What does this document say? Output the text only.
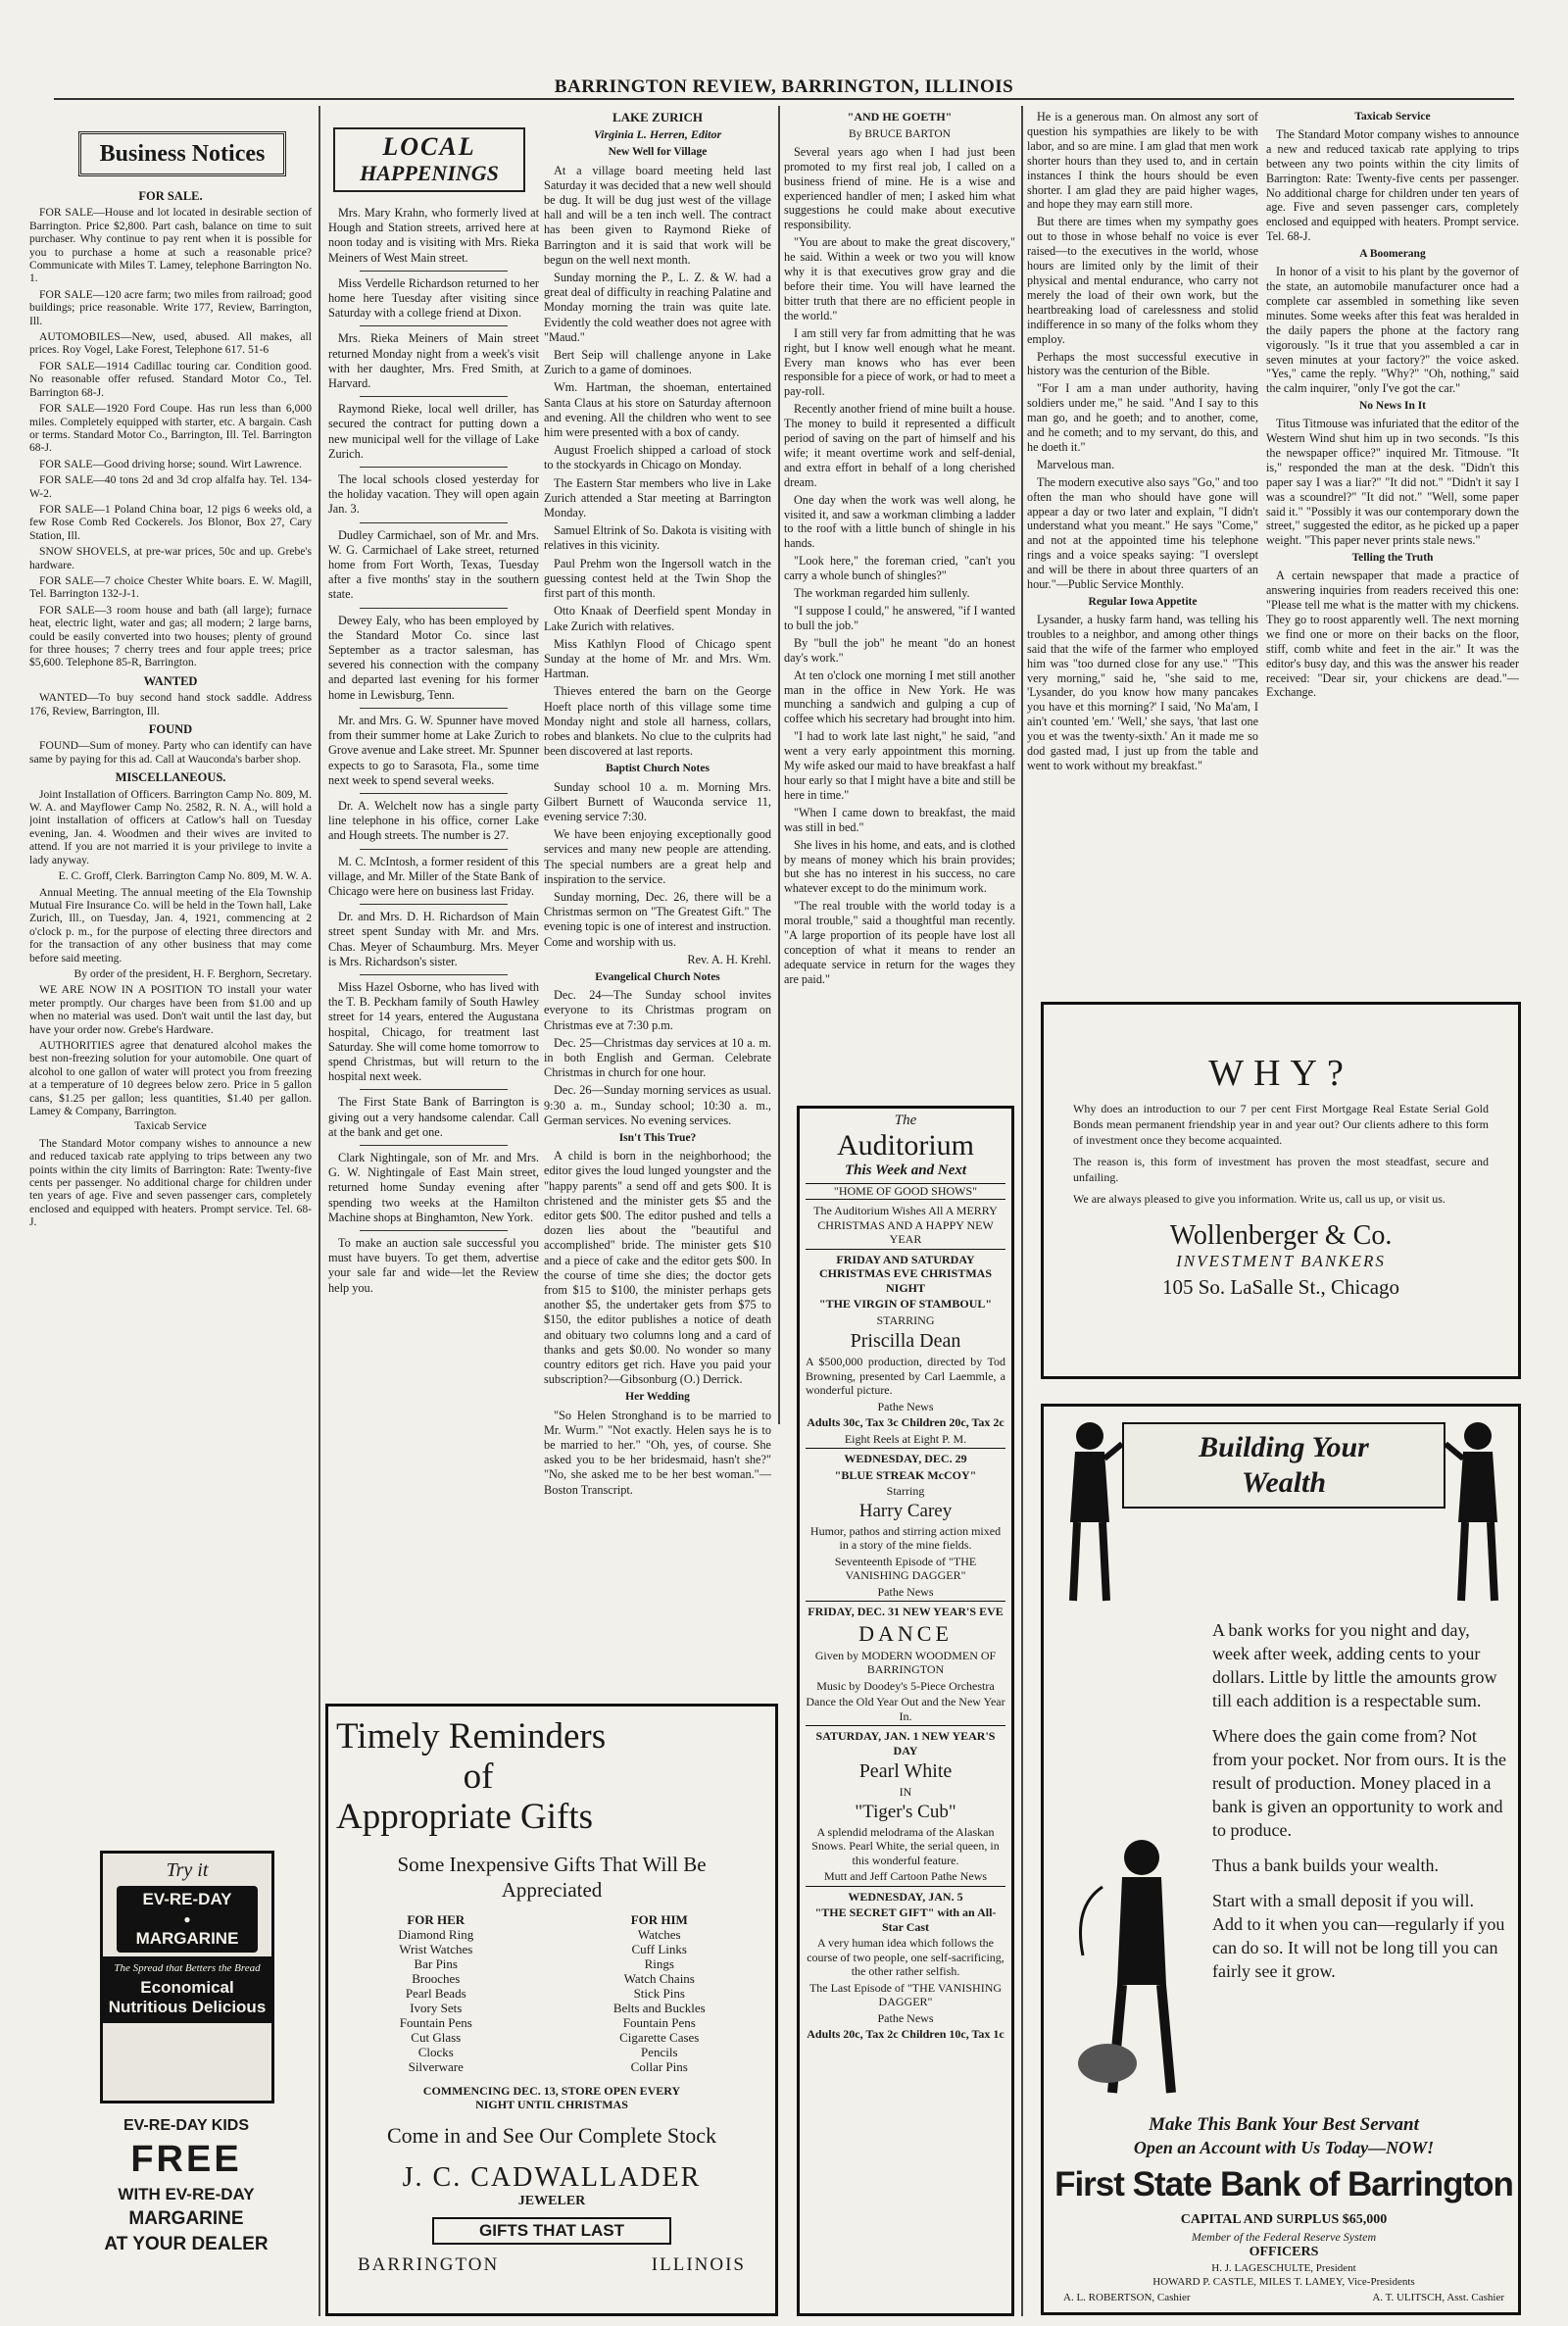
BARRINGTON REVIEW, BARRINGTON, ILLINOIS
Business Notices
FOR SALE.

FOR SALE—House and lot located in desirable section of Barrington. Price $2,800. Part cash, balance on time to suit purchaser. Why continue to pay rent when it is possible for you to purchase a home at such a reasonable price? Communicate with Miles T. Lamey, telephone Barrington No. 1.

FOR SALE—120 acre farm; two miles from railroad; good buildings; price reasonable. Write 177, Review, Barrington, Ill.

AUTOMOBILES—New, used, abused. All makes, all prices. Roy Vogel, Lake Forest, Telephone 617. 51-6

FOR SALE—1914 Cadillac touring car. Condition good. No reasonable offer refused. Standard Motor Co., Tel. Barrington 68-J.

FOR SALE—1920 Ford Coupe. Has run less than 6,000 miles. Completely equipped with starter, etc. A bargain. Cash or terms. Standard Motor Co., Barrington, Ill. Tel. Barrington 68-J.

FOR SALE—Good driving horse; sound. Wirt Lawrence.

FOR SALE—40 tons 2d and 3d crop alfalfa hay. Tel. 134-W-2.

FOR SALE—1 Poland China boar, 12 pigs 6 weeks old, a few Rose Comb Red Cockerels. Jos Blonor, Box 27, Cary Station, Ill.

SNOW SHOVELS, at pre-war prices, 50c and up. Grebe's hardware.

FOR SALE—7 choice Chester White boars. E. W. Magill, Tel. Barrington 132-J-1.

FOR SALE—3 room house and bath (all large); furnace heat, electric light, water and gas; all modern; 2 large barns, could be easily converted into two houses; plenty of ground for three houses; 7 cherry trees and four apple trees; price $5,600. Telephone 85-R, Barrington.

WANTED

WANTED—To buy second hand stock saddle. Address 176, Review, Barrington, Ill.

FOUND

FOUND—Sum of money. Party who can identify can have same by paying for this ad. Call at Wauconda's barber shop.

MISCELLANEOUS.

Joint Installation of Officers. Barrington Camp No. 809, M. W. A. and Mayflower Camp No. 2582, R. N. A., will hold a joint installation of officers at Catlow's hall on Tuesday evening, Jan. 4. Woodmen and their wives are invited to attend. If you are not married it is your privilege to invite a lady anyway.

E. C. Groff, Clerk. Barrington Camp No. 809, M. W. A.

Annual Meeting. The annual meeting of the Ela Township Mutual Fire Insurance Co. will be held in the Town hall, Lake Zurich, Ill., on Tuesday, Jan. 4, 1921, commencing at 2 o'clock p. m., for the purpose of electing three directors and for the transaction of any other business that may come before said meeting.

By order of the president, H. F. Berghorn, Secretary.

WE ARE NOW IN A POSITION TO install your water meter promptly. Our charges have been from $1.00 and up when no material was used. Don't wait until the last day, but have your order now. Grebe's Hardware.

AUTHORITIES agree that denatured alcohol makes the best non-freezing solution for your automobile. One quart of alcohol to one gallon of water will protect you from freezing at a temperature of 10 degrees below zero. Price in 5 gallon cans, $1.25 per gallon; less quantities, $1.40 per gallon. Lamey & Company, Barrington.

Taxicab Service

The Standard Motor company wishes to announce a new and reduced taxicab rate applying to trips between any two points within the city limits of Barrington: Rate: Twenty-five cents per passenger. No additional charge for children under ten years of age. Five and seven passenger cars, completely enclosed and equipped with heaters. Prompt service. Tel. 68-J.

Try it
EV-RE-DAY
●
MARGARINE
The Spread that Betters the Bread
Economical Nutritious Delicious
EV-RE-DAY KIDS
FREE
WITH EV-RE-DAY
MARGARINE
AT YOUR DEALER
LOCAL
HAPPENINGS

Mrs. Mary Krahn, who formerly lived at Hough and Station streets, arrived here at noon today and is visiting with Mrs. Rieka Meiners of West Main street.

Miss Verdelle Richardson returned to her home here Tuesday after visiting since Saturday with a college friend at Dixon.

Mrs. Rieka Meiners of Main street returned Monday night from a week's visit with her daughter, Mrs. Fred Smith, at Harvard.

Raymond Rieke, local well driller, has secured the contract for putting down a new municipal well for the village of Lake Zurich.

The local schools closed yesterday for the holiday vacation. They will open again Jan. 3.

Dudley Carmichael, son of Mr. and Mrs. W. G. Carmichael of Lake street, returned home from Fort Worth, Texas, Tuesday after a five months' stay in the southern state.

Dewey Ealy, who has been employed by the Standard Motor Co. since last September as a tractor salesman, has severed his connection with the company and departed last evening for his former home in Lewisburg, Tenn.

Mr. and Mrs. G. W. Spunner have moved from their summer home at Lake Zurich to Grove avenue and Lake street. Mr. Spunner expects to go to Sarasota, Fla., some time next week to spend several weeks.

Dr. A. Welchelt now has a single party line telephone in his office, corner Lake and Hough streets. The number is 27.

M. C. McIntosh, a former resident of this village, and Mr. Miller of the State Bank of Chicago were here on business last Friday.

Dr. and Mrs. D. H. Richardson of Main street spent Sunday with Mr. and Mrs. Chas. Meyer of Schaumburg. Mrs. Meyer is Mrs. Richardson's sister.

Miss Hazel Osborne, who has lived with the T. B. Peckham family of South Hawley street for 14 years, entered the Augustana hospital, Chicago, for treatment last Saturday. She will come home tomorrow to spend Christmas, but will return to the hospital next week.

The First State Bank of Barrington is giving out a very handsome calendar. Call at the bank and get one.

Clark Nightingale, son of Mr. and Mrs. G. W. Nightingale of East Main street, returned home Sunday evening after spending two weeks at the Hamilton Machine shops at Binghamton, New York.

To make an auction sale successful you must have buyers. To get them, advertise your sale far and wide—let the Review help you.

LAKE ZURICH
Virginia L. Herren, Editor
New Well for Village

At a village board meeting held last Saturday it was decided that a new well should be dug. It will be dug just west of the village hall and will be a ten inch well. The contract has been given to Raymond Rieke of Barrington and it is said that work will be begun on the well next month.

Sunday morning the P., L. Z. & W. had a great deal of difficulty in reaching Palatine and Monday morning the train was quite late. Evidently the cold weather does not agree with "Maud."

Bert Seip will challenge anyone in Lake Zurich to a game of dominoes.

Wm. Hartman, the shoeman, entertained Santa Claus at his store on Saturday afternoon and evening. All the children who went to see him were presented with a box of candy.

August Froelich shipped a carload of stock to the stockyards in Chicago on Monday.

The Eastern Star members who live in Lake Zurich attended a Star meeting at Barrington Monday.

Samuel Eltrink of So. Dakota is visiting with relatives in this vicinity.

Paul Prehm won the Ingersoll watch in the guessing contest held at the Twin Shop the first part of this month.

Otto Knaak of Deerfield spent Monday in Lake Zurich with relatives.

Miss Kathlyn Flood of Chicago spent Sunday at the home of Mr. and Mrs. Wm. Hartman.

Thieves entered the barn on the George Hoeft place north of this village some time Monday night and stole all harness, collars, robes and blankets. No clue to the culprits had been discovered at last reports.

Baptist Church Notes

Sunday school 10 a. m. Morning Mrs. Gilbert Burnett of Wauconda service 11, evening service 7:30.

We have been enjoying exceptionally good services and many new people are attending. The special numbers are a great help and inspiration to the service.

Sunday morning, Dec. 26, there will be a Christmas sermon on "The Greatest Gift." The evening topic is one of interest and instruction. Come and worship with us.

Rev. A. H. Krehl.

Evangelical Church Notes

Dec. 24—The Sunday school invites everyone to its Christmas program on Christmas eve at 7:30 p.m.

Dec. 25—Christmas day services at 10 a. m. in both English and German. Celebrate Christmas in church for one hour.

Dec. 26—Sunday morning services as usual. 9:30 a. m., Sunday school; 10:30 a. m., German services. No evening services.

Isn't This True?

A child is born in the neighborhood; the editor gives the loud lunged youngster and the "happy parents" a send off and gets $00. It is christened and the minister gets $5 and the editor gets $00. The editor pushed and tells a dozen lies about the "beautiful and accomplished" bride. The minister gets $10 and a piece of cake and the editor gets $00. In the course of time she dies; the doctor gets from $15 to $100, the minister perhaps gets another $5, the undertaker gets from $75 to $150, the editor publishes a notice of death and obituary two columns long and a card of thanks and gets $0.00. No wonder so many country editors get rich. Have you paid your subscription?—Gibsonburg (O.) Derrick.

Her Wedding

"So Helen Stronghand is to be married to Mr. Wurm." "Not exactly. Helen says he is to be married to her." "Oh, yes, of course. She asked you to be her bridesmaid, hasn't she?" "No, she asked me to be her best woman."—Boston Transcript.

Timely Reminders
of
Appropriate Gifts
Some Inexpensive Gifts That Will Be Appreciated
FOR HER
Diamond Ring
Wrist Watches
Bar Pins
Brooches
Pearl Beads
Ivory Sets
Fountain Pens
Cut Glass
Clocks
Silverware
FOR HIM
Watches
Cuff Links
Rings
Watch Chains
Stick Pins
Belts and Buckles
Fountain Pens
Cigarette Cases
Pencils
Collar Pins
COMMENCING DEC. 13, STORE OPEN EVERY NIGHT UNTIL CHRISTMAS
Come in and See Our Complete Stock
J. C. CADWALLADER
JEWELER
GIFTS THAT LAST
BARRINGTON	ILLINOIS
"AND HE GOETH"
By BRUCE BARTON

Several years ago when I had just been promoted to my first real job, I called on a business friend of mine. He is a wise and experienced handler of men; I asked him what suggestions he could make about executive responsibility.

"You are about to make the great discovery," he said. Within a week or two you will know why it is that executives grow gray and die before their time. You will have learned the bitter truth that there are no efficient people in the world."

I am still very far from admitting that he was right, but I know well enough what he meant. Every man knows who has ever been responsible for a piece of work, or had to meet a pay-roll.

Recently another friend of mine built a house. The money to build it represented a difficult period of saving on the part of himself and his wife; it meant overtime work and self-denial, and extra effort in behalf of a long cherished dream.

One day when the work was well along, he visited it, and saw a workman climbing a ladder to the roof with a little bunch of shingle in his hands.

"Look here," the foreman cried, "can't you carry a whole bunch of shingles?"

The workman regarded him sullenly.

"I suppose I could," he answered, "if I wanted to bull the job."

By "bull the job" he meant "do an honest day's work."

At ten o'clock one morning I met still another man in the office in New York. He was munching a sandwich and gulping a cup of coffee which his secretary had brought into him.

"I had to work late last night," he said, "and went a very early appointment this morning. My wife asked our maid to have breakfast a half hour early so that I might have a bite and still be here in time."

"When I came down to breakfast, the maid was still in bed."

She lives in his home, and eats, and is clothed by means of money which his brain provides; but she has no interest in his success, no care whatever except to do the minimum work.

"The real trouble with the world today is a moral trouble," said a thoughtful man recently. "A large proportion of its people have lost all conception of what it means to render an adequate service in return for the wages they are paid."

The
Auditorium
This Week and Next
"HOME OF GOOD SHOWS"
The Auditorium Wishes All A MERRY CHRISTMAS AND A HAPPY NEW YEAR
FRIDAY AND SATURDAY CHRISTMAS EVE CHRISTMAS NIGHT
"THE VIRGIN OF STAMBOUL"
STARRING
Priscilla Dean
A $500,000 production, directed by Tod Browning, presented by Carl Laemmle, a wonderful picture.
Pathe News
Adults 30c, Tax 3c Children 20c, Tax 2c
Eight Reels at Eight P. M.
WEDNESDAY, DEC. 29
"BLUE STREAK McCOY"
Starring
Harry Carey
Humor, pathos and stirring action mixed in a story of the mine fields.
Seventeenth Episode of "THE VANISHING DAGGER"
Pathe News
FRIDAY, DEC. 31 NEW YEAR'S EVE
DANCE
Given by MODERN WOODMEN OF BARRINGTON
Music by Doodey's 5-Piece Orchestra
Dance the Old Year Out and the New Year In.
SATURDAY, JAN. 1 NEW YEAR'S DAY
Pearl White
IN
"Tiger's Cub"
A splendid melodrama of the Alaskan Snows. Pearl White, the serial queen, in this wonderful feature.
Mutt and Jeff Cartoon Pathe News
WEDNESDAY, JAN. 5
"THE SECRET GIFT" with an All-Star Cast
A very human idea which follows the course of two people, one self-sacrificing, the other rather selfish.
The Last Episode of "THE VANISHING DAGGER"
Pathe News
Adults 20c, Tax 2c Children 10c, Tax 1c

He is a generous man. On almost any sort of question his sympathies are likely to be with labor, and so are mine. I am glad that men work shorter hours than they used to, and in certain instances I think the hours should be even shorter. I am glad they are paid higher wages, and hope they may earn still more.

But there are times when my sympathy goes out to those in whose behalf no voice is ever raised—to the executives in the world, whose hours are limited only by the limit of their physical and mental endurance, who carry not merely the load of their own work, but the heartbreaking load of carelessness and stolid indifference in so many of the folks whom they employ.

Perhaps the most successful executive in history was the centurion of the Bible.

"For I am a man under authority, having soldiers under me," he said. "And I say to this man go, and he goeth; and to another, come, and he cometh; and to my servant, do this, and he doeth it."

Marvelous man.

The modern executive also says "Go," and too often the man who should have gone will appear a day or two later and explain, "I didn't understand what you meant." He says "Come," and not at the appointed time his telephone rings and a voice speaks saying: "I overslept and will be there in about three quarters of an hour."—Public Service Monthly.

Regular Iowa Appetite

Lysander, a husky farm hand, was telling his troubles to a neighbor, and among other things said that the wife of the farmer who employed him was "too durned close for any use." "This very morning," said he, "she said to me, 'Lysander, do you know how many pancakes you have et this morning?' I said, 'No Ma'am, I ain't counted 'em.' 'Well,' she says, 'that last one you et was the twenty-sixth.' An it made me so dod gasted mad, I just up from the table and went to work without my breakfast."

Taxicab Service

The Standard Motor company wishes to announce a new and reduced taxicab rate applying to trips between any two points within the city limits of Barrington: Rate: Twenty-five cents per passenger. No additional charge for children under ten years of age. Five and seven passenger cars, completely enclosed and equipped with heaters. Prompt service. Tel. 68-J.

A Boomerang

In honor of a visit to his plant by the governor of the state, an automobile manufacturer once had a complete car assembled in something like seven minutes. Some weeks after this feat was heralded in the daily papers the phone at the factory rang vigorously. "Is it true that you assembled a car in seven minutes at your factory?" the voice asked. "Yes," came the reply. "Why?" "Oh, nothing," said the calm inquirer, "only I've got the car."

No News In It

Titus Titmouse was infuriated that the editor of the Western Wind shut him up in two seconds. "Is this the newspaper office?" inquired Mr. Titmouse. "It is," responded the man at the desk. "Didn't this paper say I was a liar?" "It did not." "Didn't it say I was a scoundrel?" "It did not." "Well, some paper said it." "Possibly it was our contemporary down the street," suggested the editor, as he picked up a paper weight. "This paper never prints stale news."

Telling the Truth

A certain newspaper that made a practice of answering inquiries from readers received this one: "Please tell me what is the matter with my chickens. They go to roost apparently well. The next morning we find one or more on their backs on the floor, stiff, comb white and feet in the air." It was the editor's busy day, and this was the answer his reader received: "Dear sir, your chickens are dead."—Exchange.

WHY?
Why does an introduction to our 7 per cent First Mortgage Real Estate Serial Gold Bonds mean permanent friendship year in and year out? Our clients adhere to this form of investment once they become acquainted.
The reason is, this form of investment has proven the most steadfast, secure and unfailing.
We are always pleased to give you information. Write us, call us up, or visit us.
Wollenberger & Co.
INVESTMENT BANKERS
105 So. LaSalle St., Chicago
Building Your
Wealth

A bank works for you night and day, week after week, adding cents to your dollars. Little by little the amounts grow till each addition is a respectable sum.

Where does the gain come from? Not from your pocket. Nor from ours. It is the result of production. Money placed in a bank is given an opportunity to work and to produce.

Thus a bank builds your wealth.

Start with a small deposit if you will. Add to it when you can—regularly if you can do so. It will not be long till you can fairly see it grow.

Make This Bank Your Best Servant
Open an Account with Us Today—NOW!
First State Bank of Barrington
CAPITAL AND SURPLUS $65,000
Member of the Federal Reserve System
OFFICERS
H. J. LAGESCHULTE, President
HOWARD P. CASTLE, MILES T. LAMEY, Vice-Presidents
A. L. ROBERTSON, Cashier	A. T. ULITSCH, Asst. Cashier
